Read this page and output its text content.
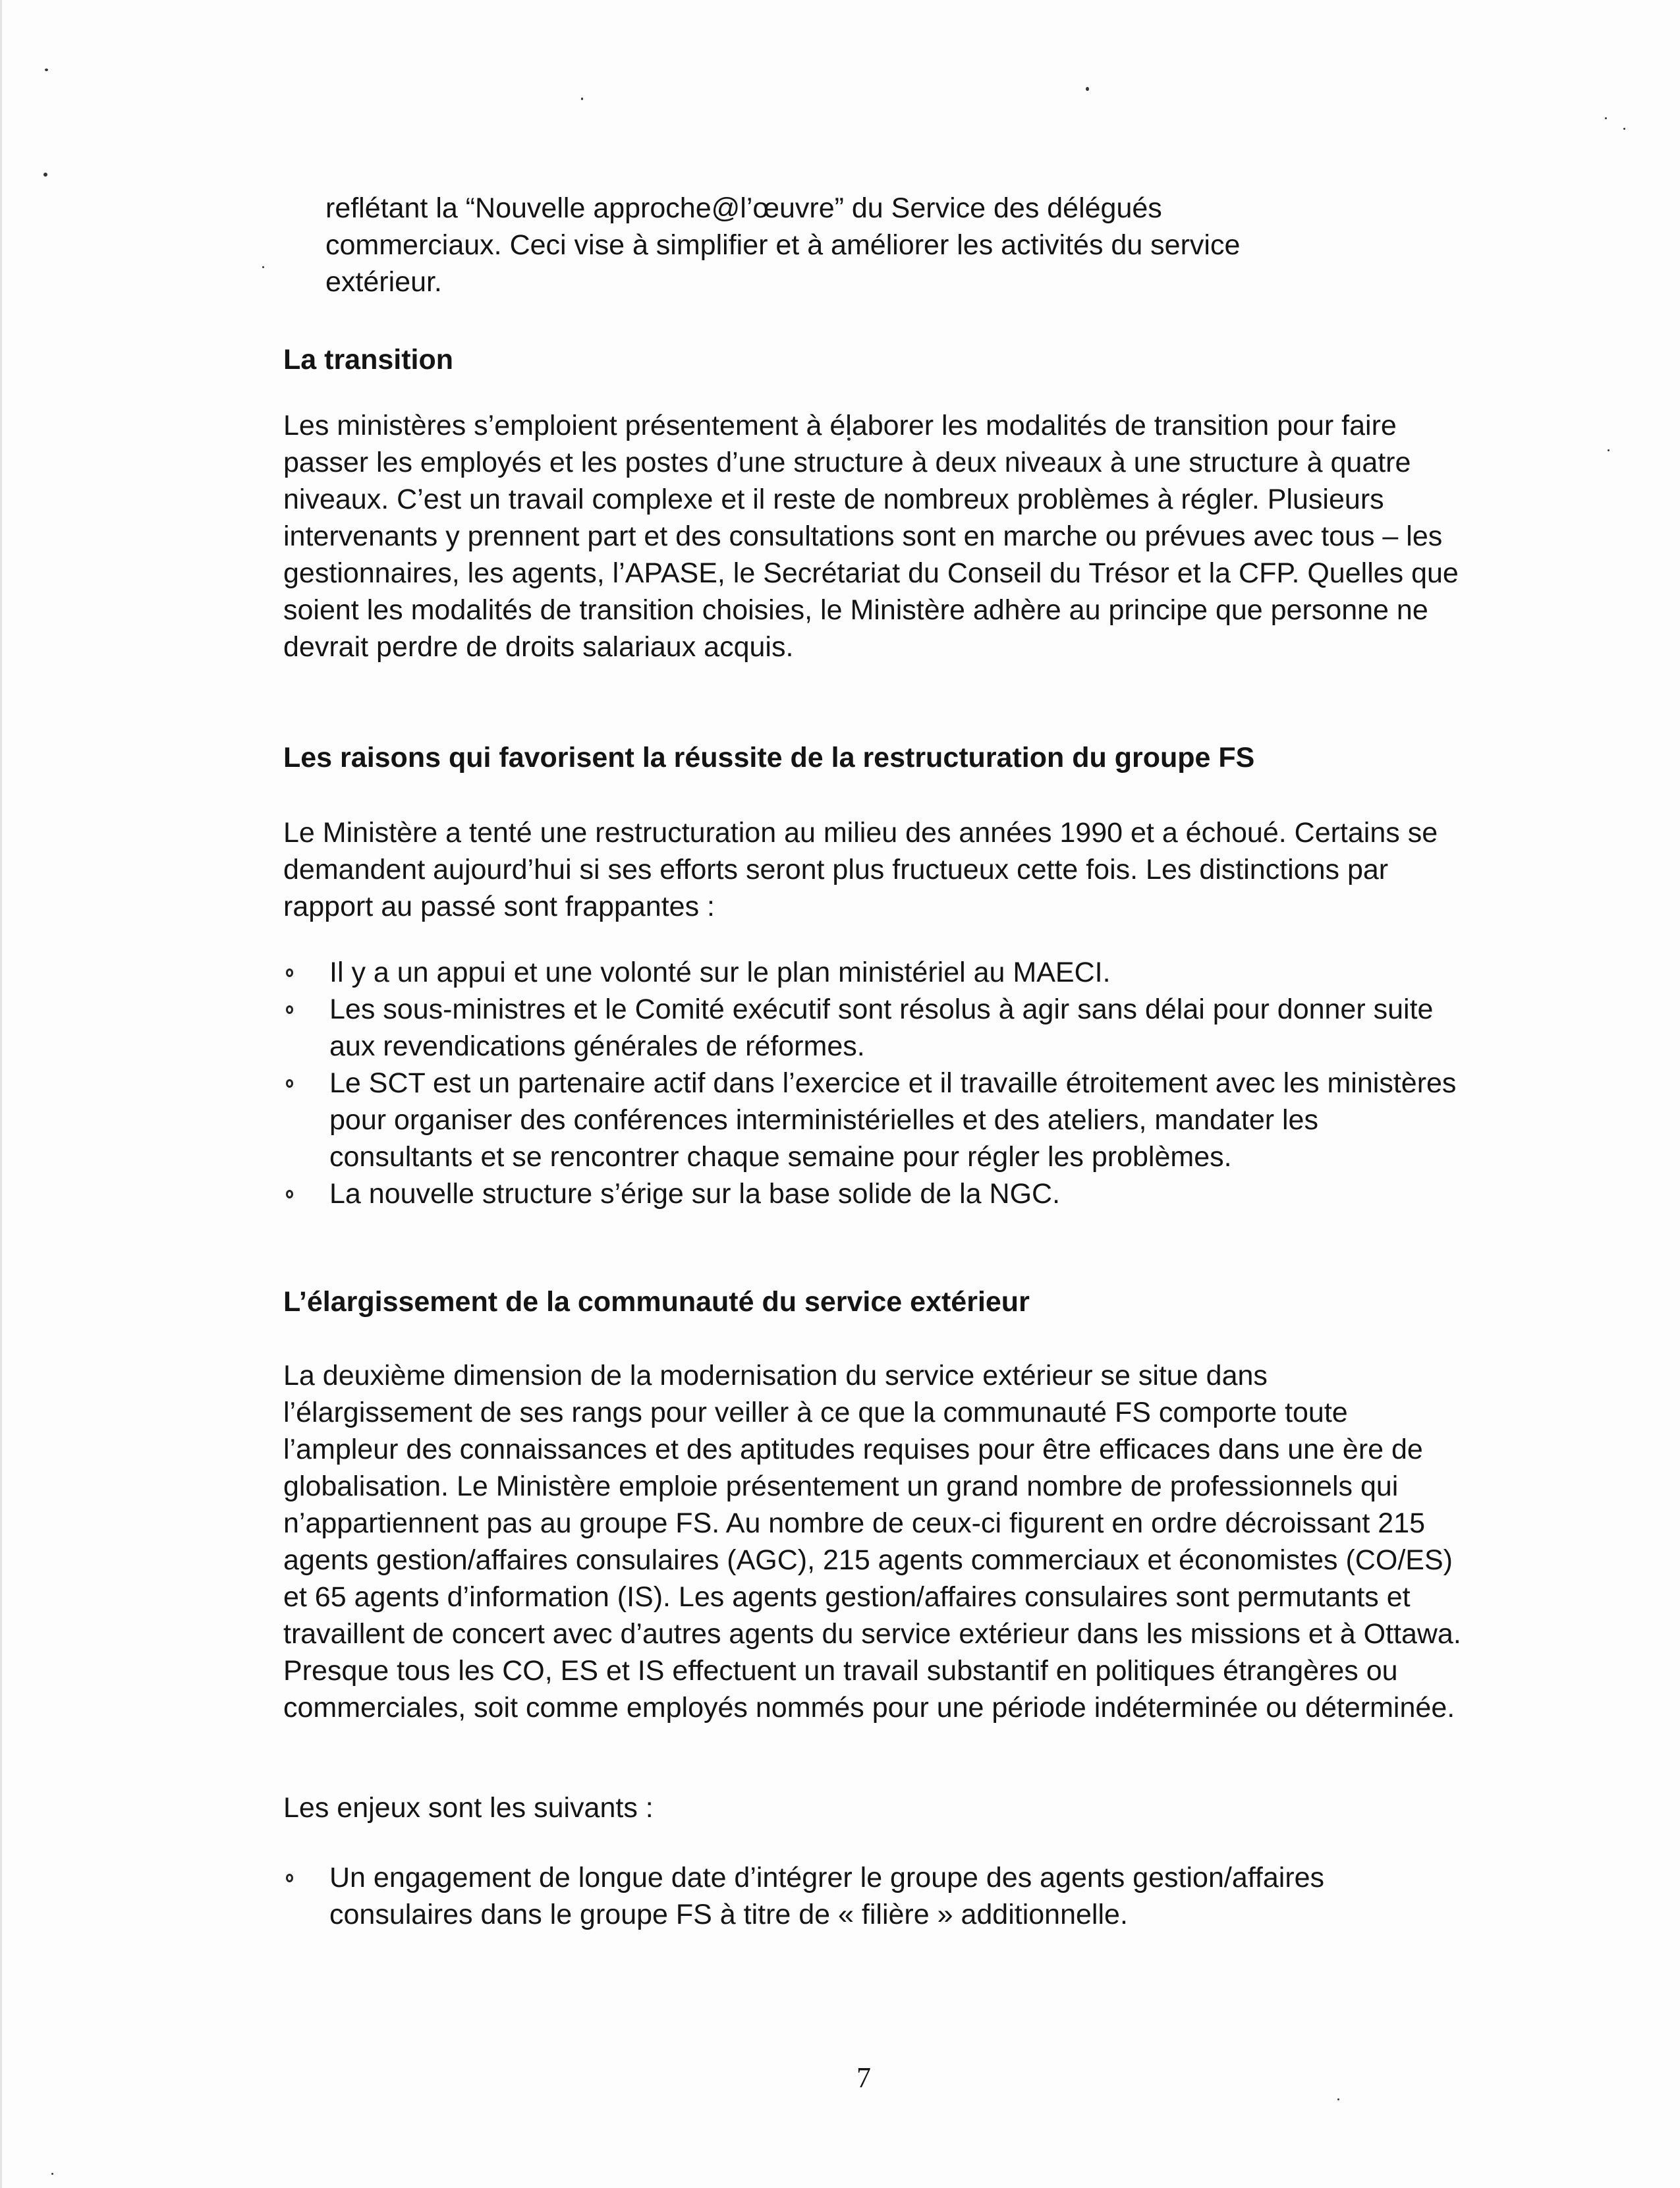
reflétant la “Nouvelle approche@l’œuvre” du Service des délégués

commerciaux. Ceci vise à simplifier et à améliorer les activités du service

extérieur.

La transition

Les ministères s’emploient présentement à élaborer les modalités de transition pour faire passer les employés et les postes d’une structure à deux niveaux à une structure à quatre niveaux. C’est un travail complexe et il reste de nombreux problèmes à régler. Plusieurs intervenants y prennent part et des consultations sont en marche ou prévues avec tous – les gestionnaires, les agents, l’APASE, le Secrétariat du Conseil du Trésor et la CFP. Quelles que soient les modalités de transition choisies, le Ministère adhère au principe que personne ne devrait perdre de droits salariaux acquis.

Les raisons qui favorisent la réussite de la restructuration du groupe FS

Le Ministère a tenté une restructuration au milieu des années 1990 et a échoué. Certains se demandent aujourd’hui si ses efforts seront plus fructueux cette fois. Les distinctions par rapport au passé sont frappantes :

Il y a un appui et une volonté sur le plan ministériel au MAECI.
Les sous-ministres et le Comité exécutif sont résolus à agir sans délai pour donner suite aux revendications générales de réformes.
Le SCT est un partenaire actif dans l’exercice et il travaille étroitement avec les ministères pour organiser des conférences interministérielles et des ateliers, mandater les consultants et se rencontrer chaque semaine pour régler les problèmes.
La nouvelle structure s’érige sur la base solide de la NGC.
L’élargissement de la communauté du service extérieur

La deuxième dimension de la modernisation du service extérieur se situe dans l’élargissement de ses rangs pour veiller à ce que la communauté FS comporte toute l’ampleur des connaissances et des aptitudes requises pour être efficaces dans une ère de globalisation. Le Ministère emploie présentement un grand nombre de professionnels qui n’appartiennent pas au groupe FS. Au nombre de ceux-ci figurent en ordre décroissant 215 agents gestion/affaires consulaires (AGC), 215 agents commerciaux et économistes (CO/ES) et 65 agents d’information (IS). Les agents gestion/affaires consulaires sont permutants et travaillent de concert avec d’autres agents du service extérieur dans les missions et à Ottawa. Presque tous les CO, ES et IS effectuent un travail substantif en politiques étrangères ou commerciales, soit comme employés nommés pour une période indéterminée ou déterminée.

Les enjeux sont les suivants :

Un engagement de longue date d’intégrer le groupe des agents gestion/affaires consulaires dans le groupe FS à titre de « filière » additionnelle.
7
